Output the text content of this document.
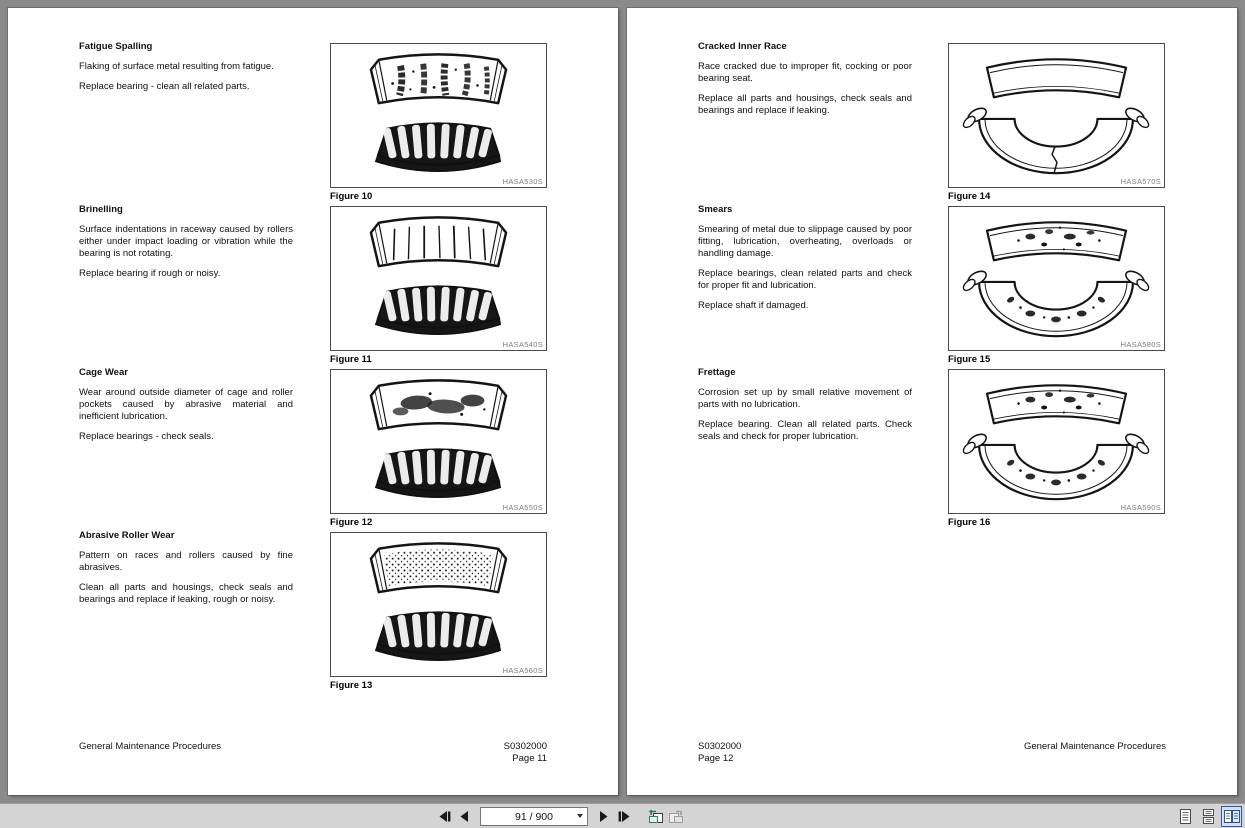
Fatigue Spalling

Flaking of surface metal resulting from fatigue.

Replace bearing - clean all related parts.

Brinelling

Surface indentations in raceway caused by rollers either under impact loading or vibration while the bearing is not rotating.

Replace bearing if rough or noisy.

Cage Wear

Wear around outside diameter of cage and roller pockets caused by abrasive material and inefficient lubrication.

Replace bearings - check seals.

Abrasive Roller Wear

Pattern on races and rollers caused by fine abrasives.

Clean all parts and housings, check seals and bearings and replace if leaking, rough or noisy.

HASA530S
Figure 10
HASA540S
Figure 11
HASA550S
Figure 12
HASA560S
Figure 13
General Maintenance Procedures	S0302000
Page 11
Cracked Inner Race

Race cracked due to improper fit, cocking or poor bearing seat.

Replace all parts and housings, check seals and bearings and replace if leaking.

Smears

Smearing of metal due to slippage caused by poor fitting, lubrication, overheating, overloads or handling damage.

Replace bearings, clean related parts and check for proper fit and lubrication.

Replace shaft if damaged.

Frettage

Corrosion set up by small relative movement of parts with no lubrication.

Replace bearing. Clean all related parts. Check seals and check for proper lubrication.

HASA570S
Figure 14
HASA580S
Figure 15
HASA590S
Figure 16
S0302000
Page 12
General Maintenance Procedures
91 / 900
